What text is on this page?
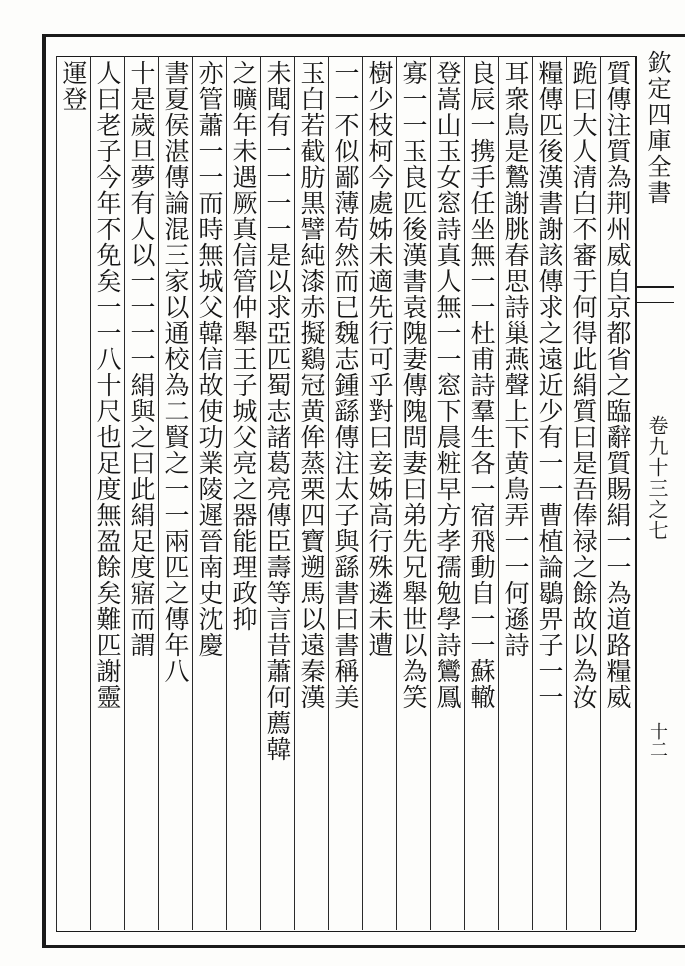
欽定四庫全書
卷九十三之七
十二
質傳注質為荆州威自京都省之臨辭質賜絹一一為道路糧威
跪曰大人清白不審于何得此絹質曰是吾俸禄之餘故以為汝
糧傳匹後漢書謝該傳求之遠近少有一一曹植論鶡畀子一一
耳衆鳥是鷙謝朓春思詩巢燕聲上下黄鳥弄一一何遜詩
良辰一携手任坐無一一杜甫詩羣生各一宿飛動自一一蘇轍
登嵩山玉女窓詩真人無一一窓下晨粧早方孝孺勉學詩鸞鳳
寡一一玉良匹後漢書袁隗妻傳隗問妻曰弟先兄舉世以為笑
樹少枝柯今處姊未適先行可乎對曰妾姊高行殊遴未遭
一一不似鄙薄苟然而已魏志鍾繇傳注太子與繇書曰書稱美
玉白若截肪黒譬純漆赤擬鷄冠黄侔蒸栗四寶遡馬以遠秦漢
未聞有一一一一是以求亞匹蜀志諸葛亮傳臣壽等言昔蕭何薦韓
之曠年未遇厥真信管仲舉王子城父亮之器能理政抑
亦管蕭一一而時無城父韓信故使功業陵遲晉南史沈慶
書夏侯湛傳論混三家以通校為二賢之一一兩匹之傳年八
十是歲旦夢有人以一一一一絹與之曰此絹足度寤而謂
人曰老子今年不免矣一一八十尺也足度無盈餘矣難匹謝靈
運登
